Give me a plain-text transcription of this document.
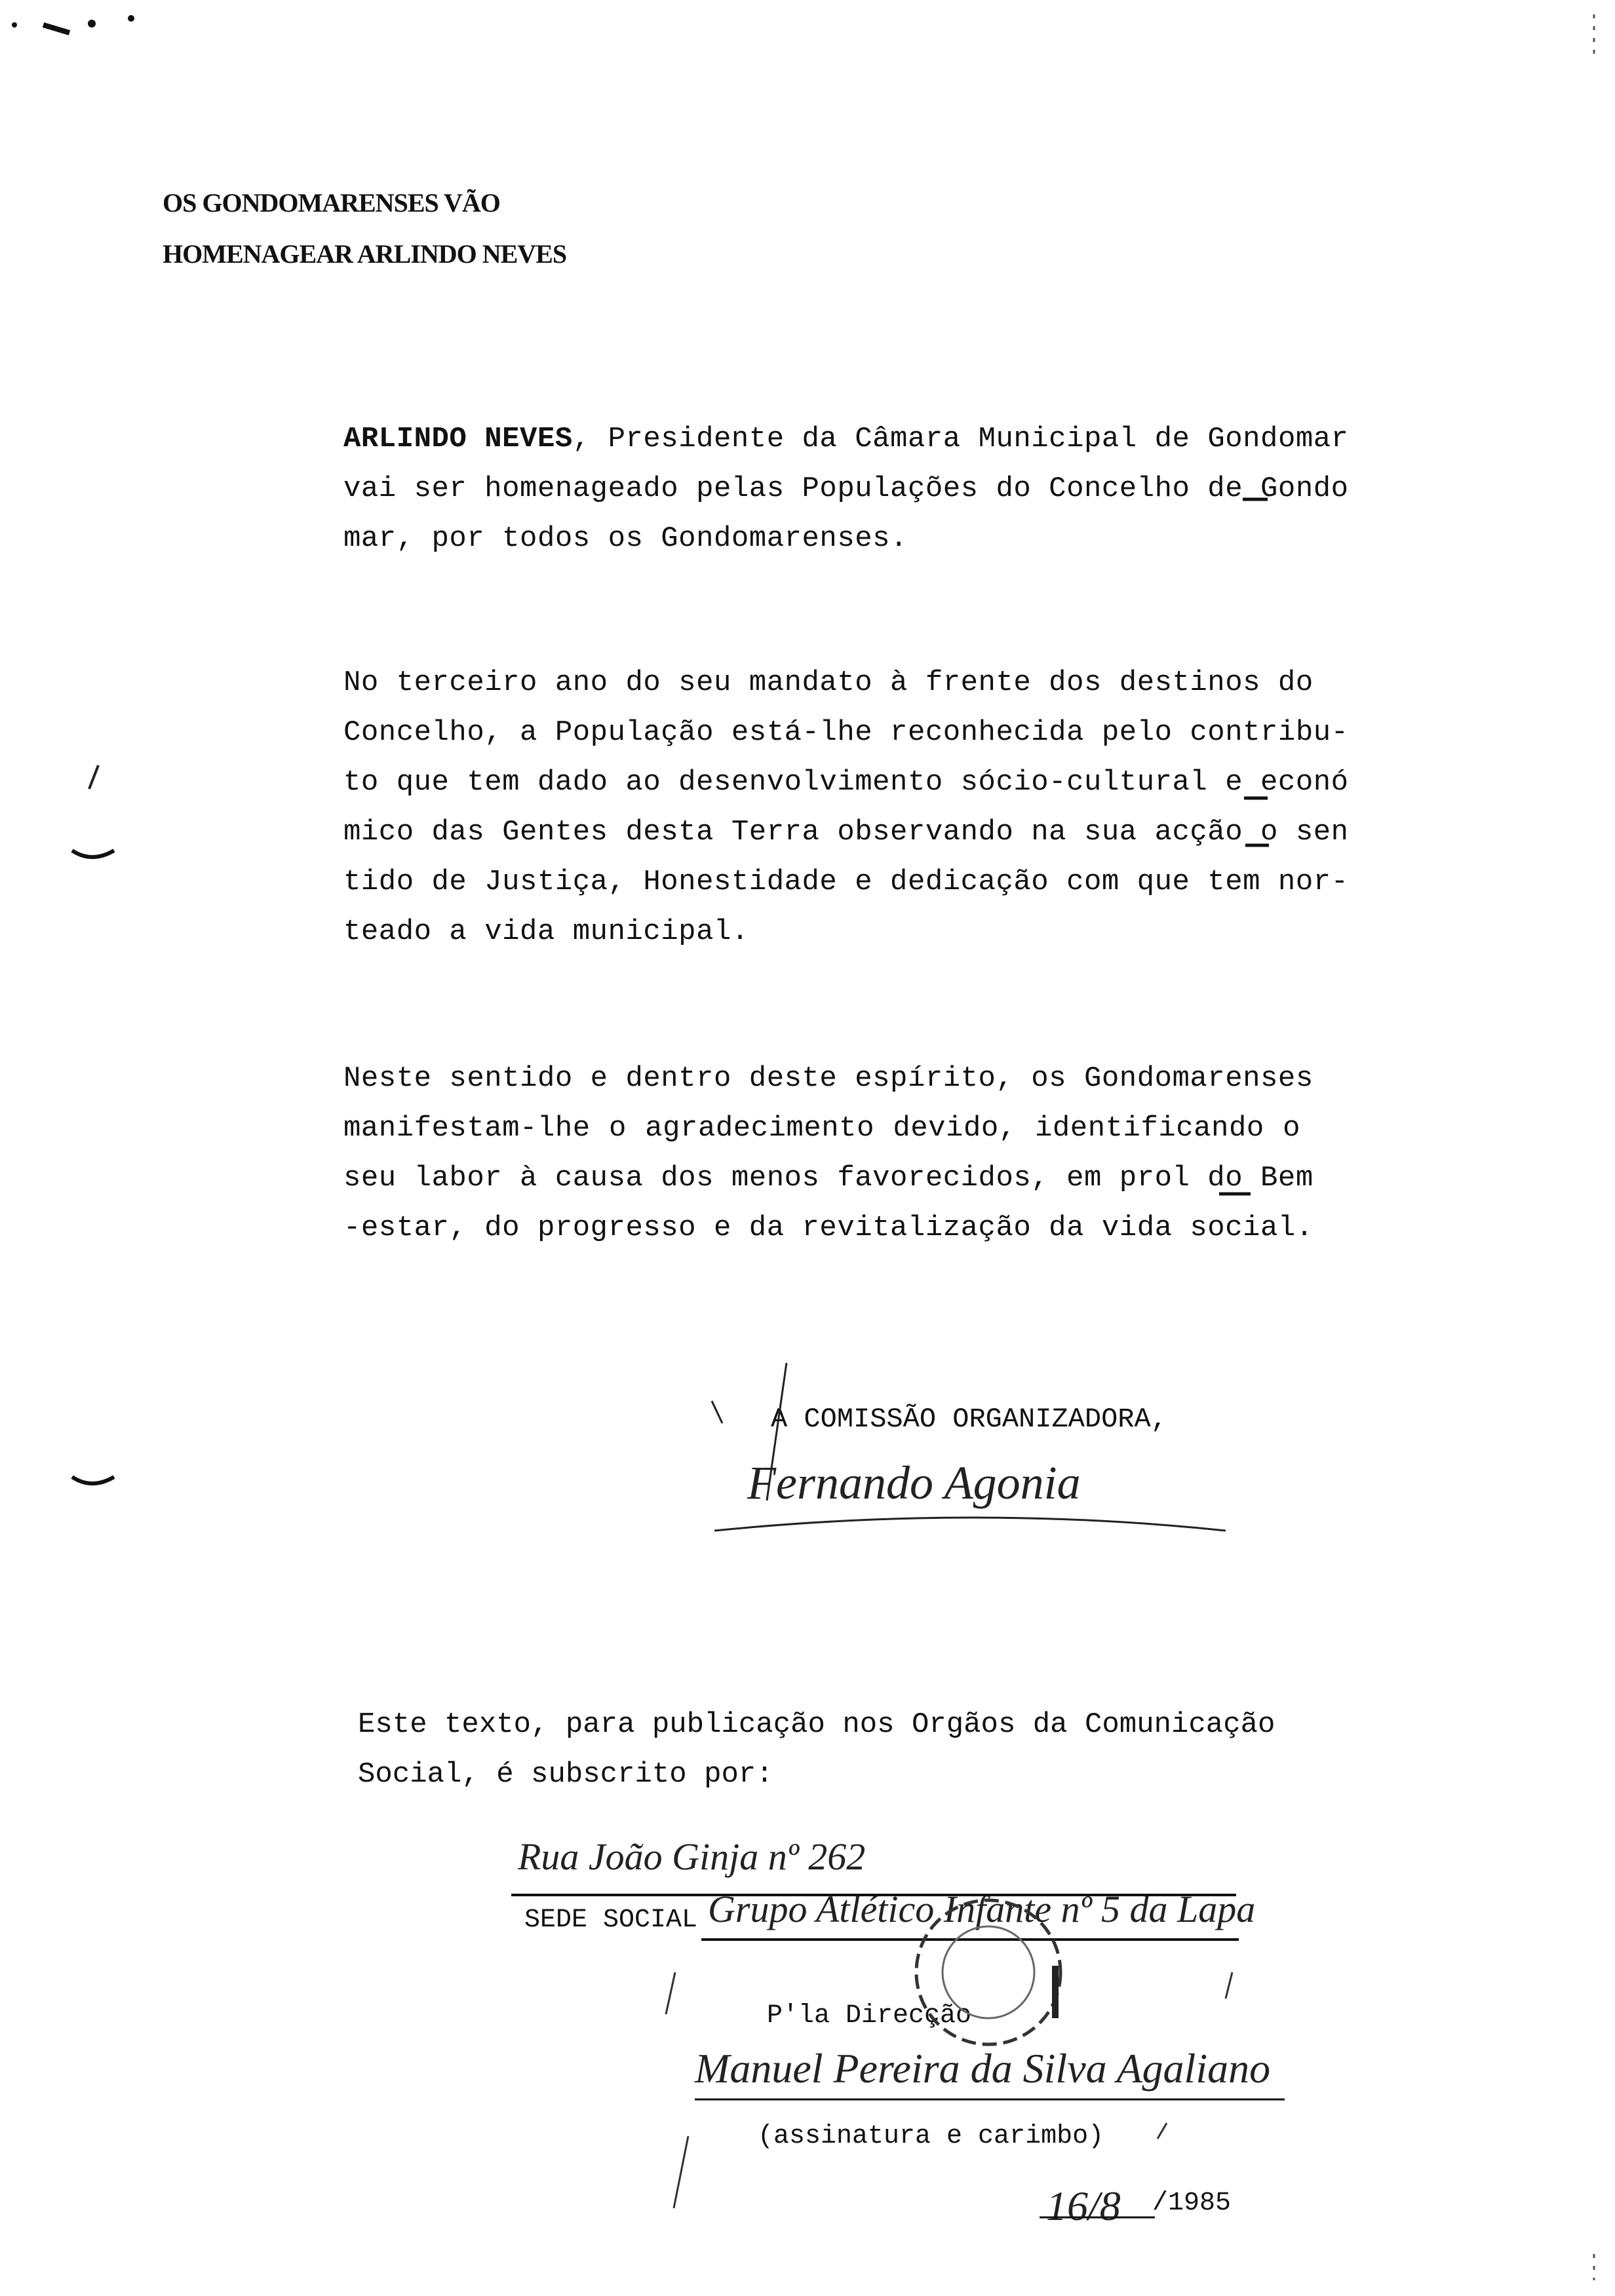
OS GONDOMARENSES VÃO
HOMENAGEAR ARLINDO NEVES
ARLINDO NEVES, Presidente da Câmara Municipal de Gondomar
vai ser homenageado pelas Populações do Concelho de Gondo
mar, por todos os Gondomarenses.
No terceiro ano do seu mandato à frente dos destinos do
Concelho, a População está-lhe reconhecida pelo contribu-
to que tem dado ao desenvolvimento sócio-cultural e econó
mico das Gentes desta Terra observando na sua acção o sen
tido de Justiça, Honestidade e dedicação com que tem nor-
teado a vida municipal.
Neste sentido e dentro deste espírito, os Gondomarenses
manifestam-lhe o agradecimento devido, identificando o
seu labor à causa dos menos favorecidos, em prol do Bem
-estar, do progresso e da revitalização da vida social.
A COMISSÃO ORGANIZADORA,
Fernando Agonia
Este texto, para publicação nos Orgãos da Comunicação
Social, é subscrito por:
Rua João Ginja nº 262
SEDE SOCIAL Grupo Atlético Infante nº 5 da Lapa
P'la Direcção
Manuel Pereira da Silva Agaliano
(assinatura e carimbo)
16/8 /1985
